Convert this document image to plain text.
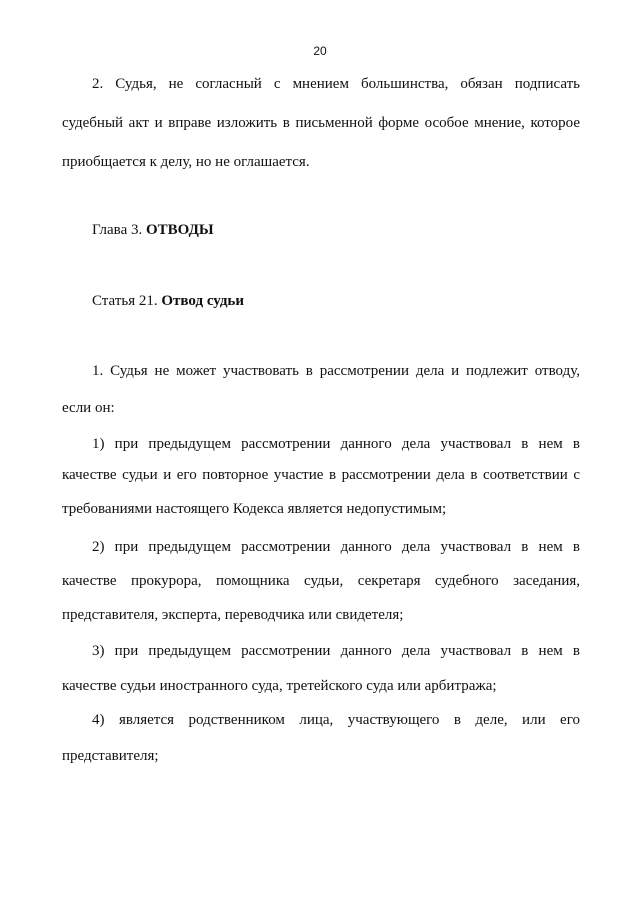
20
2. Судья, не согласный с мнением большинства, обязан подписать
судебный акт и вправе изложить в письменной форме особое мнение, которое
приобщается к делу, но не оглашается.
Глава 3. ОТВОДЫ
Статья 21. Отвод судьи
1. Судья не может участвовать в рассмотрении дела и подлежит отводу,
если он:
1) при предыдущем рассмотрении данного дела участвовал в нем в
качестве судьи и его повторное участие в рассмотрении дела в соответствии с
требованиями настоящего Кодекса является недопустимым;
2) при предыдущем рассмотрении данного дела участвовал в нем в
качестве прокурора, помощника судьи, секретаря судебного заседания,
представителя, эксперта, переводчика или свидетеля;
3) при предыдущем рассмотрении данного дела участвовал в нем в
качестве судьи иностранного суда, третейского суда или арбитража;
4) является родственником лица, участвующего в деле, или его
представителя;
